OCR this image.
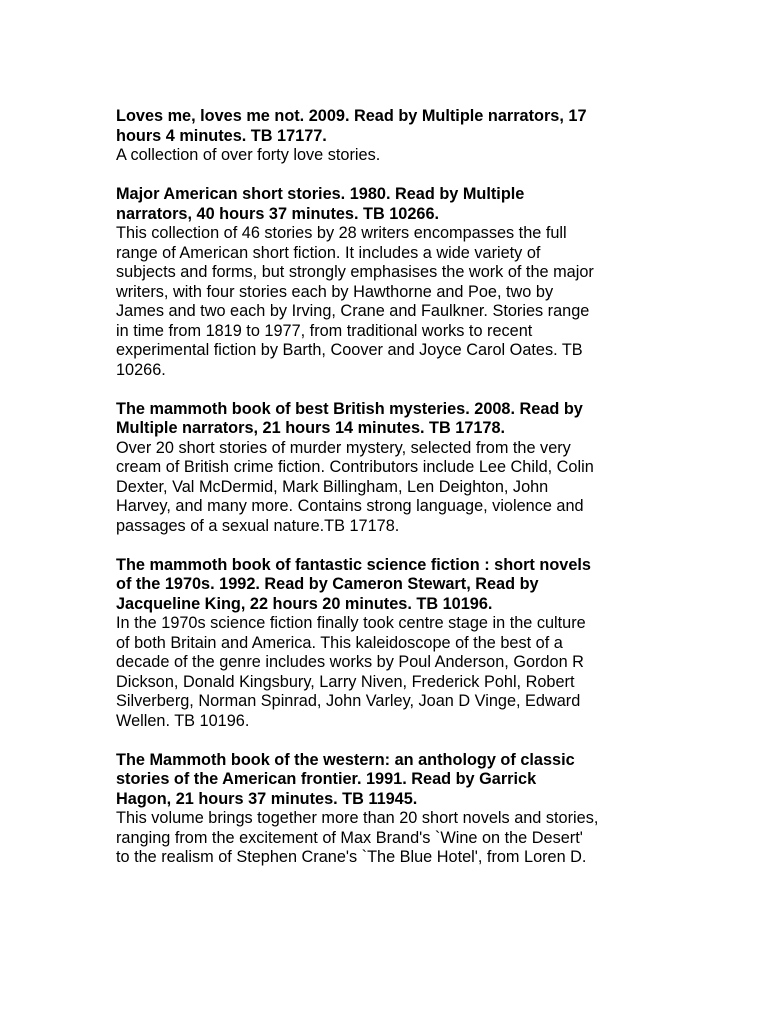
Loves me, loves me not. 2009. Read by Multiple narrators, 17
hours 4 minutes. TB 17177.
A collection of over forty love stories.
Major American short stories. 1980. Read by Multiple
narrators, 40 hours 37 minutes. TB 10266.
This collection of 46 stories by 28 writers encompasses the full
range of American short fiction. It includes a wide variety of
subjects and forms, but strongly emphasises the work of the major
writers, with four stories each by Hawthorne and Poe, two by
James and two each by Irving, Crane and Faulkner. Stories range
in time from 1819 to 1977, from traditional works to recent
experimental fiction by Barth, Coover and Joyce Carol Oates. TB
10266.
The mammoth book of best British mysteries. 2008. Read by
Multiple narrators, 21 hours 14 minutes. TB 17178.
Over 20 short stories of murder mystery, selected from the very
cream of British crime fiction. Contributors include Lee Child, Colin
Dexter, Val McDermid, Mark Billingham, Len Deighton, John
Harvey, and many more. Contains strong language, violence and
passages of a sexual nature.TB 17178.
The mammoth book of fantastic science fiction : short novels
of the 1970s. 1992. Read by Cameron Stewart, Read by
Jacqueline King, 22 hours 20 minutes. TB 10196.
In the 1970s science fiction finally took centre stage in the culture
of both Britain and America. This kaleidoscope of the best of a
decade of the genre includes works by Poul Anderson, Gordon R
Dickson, Donald Kingsbury, Larry Niven, Frederick Pohl, Robert
Silverberg, Norman Spinrad, John Varley, Joan D Vinge, Edward
Wellen. TB 10196.
The Mammoth book of the western: an anthology of classic
stories of the American frontier. 1991. Read by Garrick
Hagon, 21 hours 37 minutes. TB 11945.
This volume brings together more than 20 short novels and stories,
ranging from the excitement of Max Brand's `Wine on the Desert'
to the realism of Stephen Crane's `The Blue Hotel', from Loren D.
